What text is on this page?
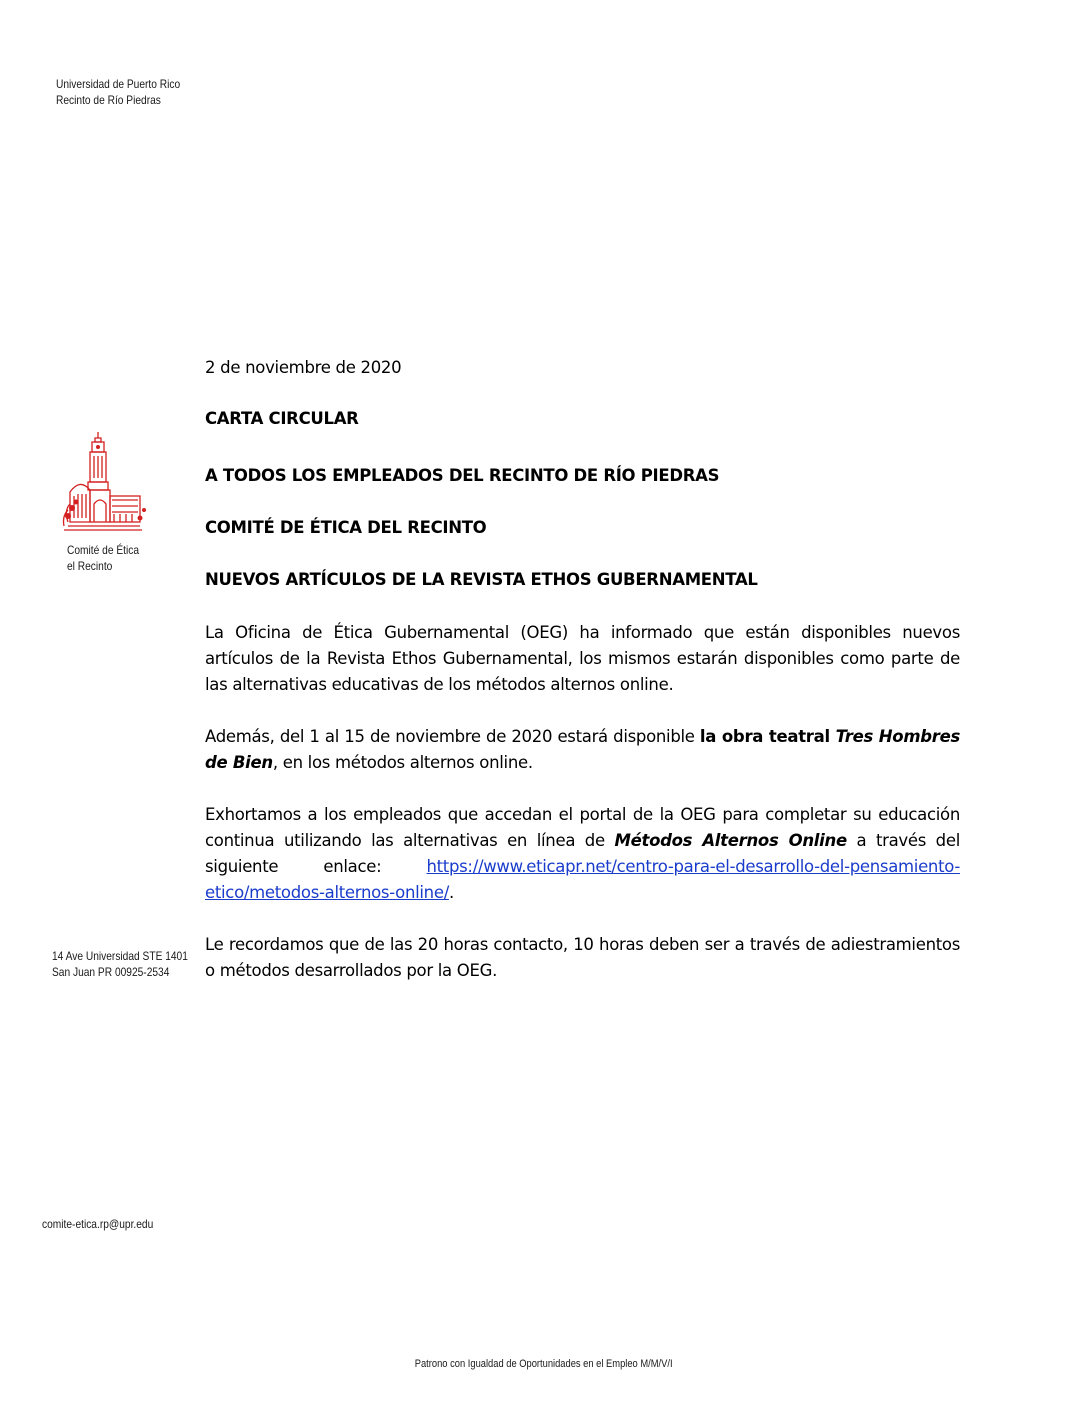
Universidad de Puerto Rico
Recinto de Río Piedras
Comité de Ética
el Recinto
14 Ave Universidad STE 1401
San Juan PR 00925-2534
comite-etica.rp@upr.edu
Patrono con Igualdad de Oportunidades en el Empleo M/M/V/I
2 de noviembre de 2020
CARTA CIRCULAR
A TODOS LOS EMPLEADOS DEL RECINTO DE RÍO PIEDRAS
COMITÉ DE ÉTICA DEL RECINTO
NUEVOS ARTÍCULOS DE LA REVISTA ETHOS GUBERNAMENTAL
La Oficina de Ética Gubernamental (OEG) ha informado que están disponibles nuevos artículos de la Revista Ethos Gubernamental, los mismos estarán disponibles como parte de las alternativas educativas de los métodos alternos online.
Además, del 1 al 15 de noviembre de 2020 estará disponible la obra teatral Tres Hombres de Bien, en los métodos alternos online.
Exhortamos a los empleados que accedan el portal de la OEG para completar su educación continua utilizando las alternativas en línea de Métodos Alternos Online a través del siguiente enlace: https://www.eticapr.net/centro-para-el-desarrollo-del-pensamiento-etico/metodos-alternos-online/.
Le recordamos que de las 20 horas contacto, 10 horas deben ser a través de adiestramientos o métodos desarrollados por la OEG.
